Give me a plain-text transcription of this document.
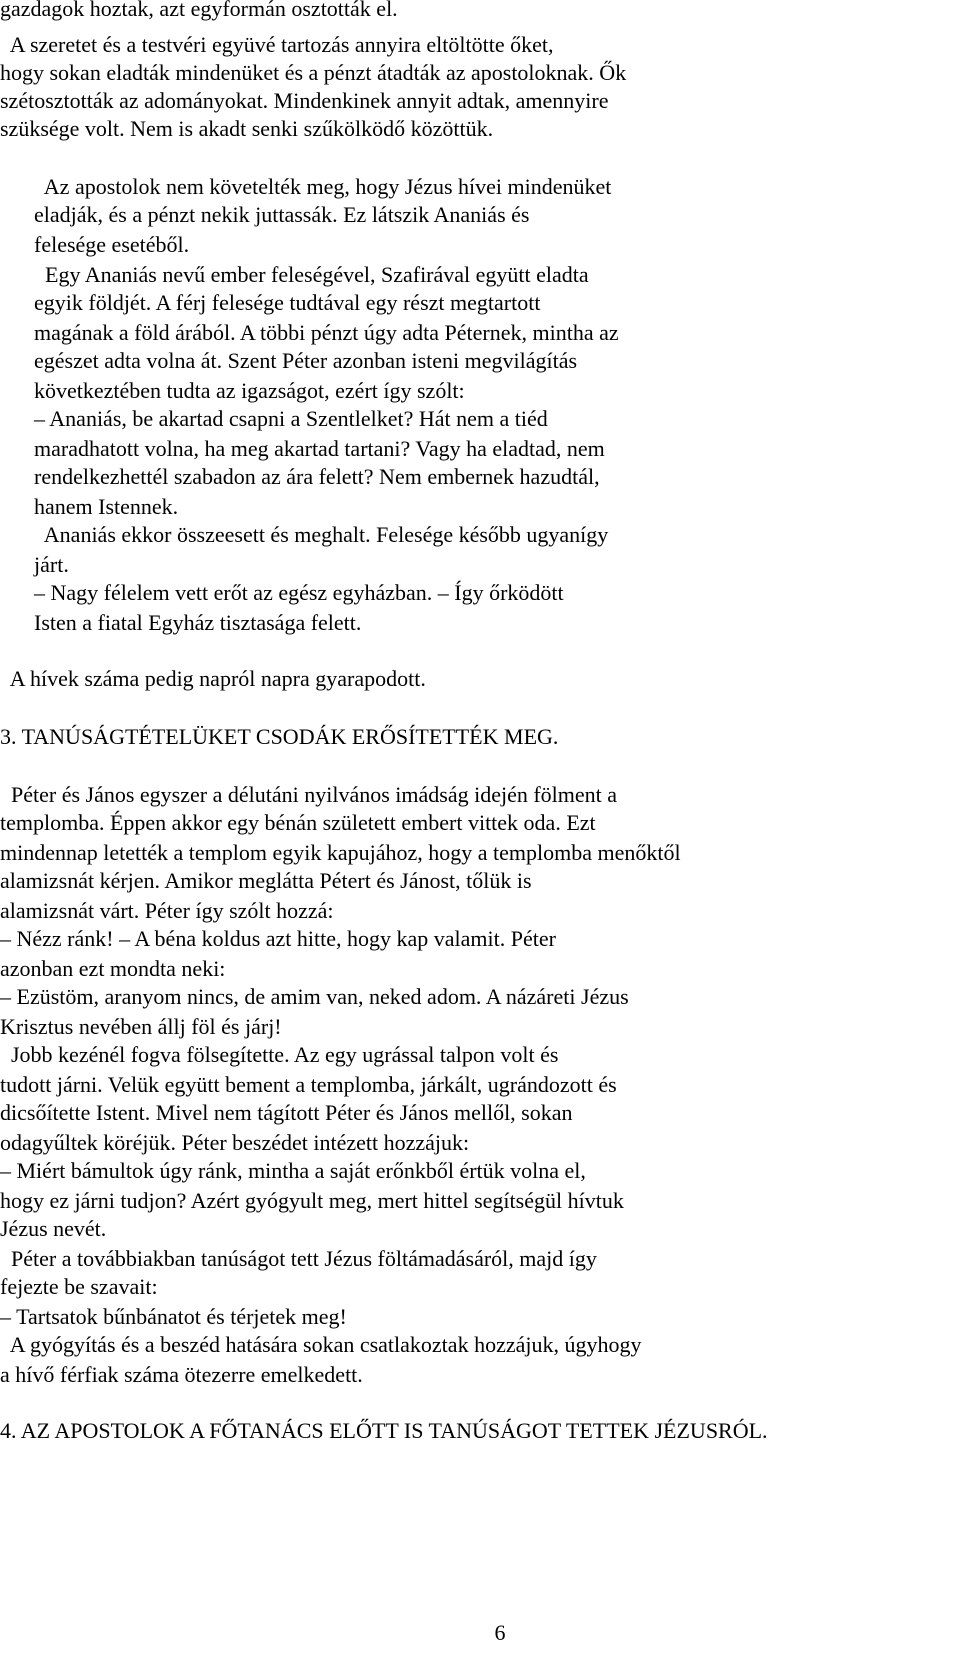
gazdagok hoztak, azt egyformán osztották el.
A szeretet és a testvéri együvé tartozás annyira eltöltötte őket,
hogy sokan eladták mindenüket és a pénzt átadták az apostoloknak. Ők
szétosztották az adományokat. Mindenkinek annyit adtak, amennyire
szüksége volt. Nem is akadt senki szűkölködő közöttük.
Az apostolok nem követelték meg, hogy Jézus hívei mindenüket
eladják, és a pénzt nekik juttassák. Ez látszik Ananiás és
felesége esetéből.
Egy Ananiás nevű ember feleségével, Szafirával együtt eladta
egyik földjét. A férj felesége tudtával egy részt megtartott
magának a föld árából. A többi pénzt úgy adta Péternek, mintha az
egészet adta volna át. Szent Péter azonban isteni megvilágítás
következtében tudta az igazságot, ezért így szólt:
– Ananiás, be akartad csapni a Szentlelket? Hát nem a tiéd
maradhatott volna, ha meg akartad tartani? Vagy ha eladtad, nem
rendelkezhettél szabadon az ára felett? Nem embernek hazudtál,
hanem Istennek.
Ananiás ekkor összeesett és meghalt. Felesége később ugyanígy
járt.
– Nagy félelem vett erőt az egész egyházban. – Így őrködött
Isten a fiatal Egyház tisztasága felett.
A hívek száma pedig napról napra gyarapodott.
3. TANÚSÁGTÉTELÜKET CSODÁK ERŐSÍTETTÉK MEG.
Péter és János egyszer a délutáni nyilvános imádság idején fölment a
templomba. Éppen akkor egy bénán született embert vittek oda. Ezt
mindennap letették a templom egyik kapujához, hogy a templomba menőktől
alamizsnát kérjen. Amikor meglátta Pétert és Jánost, tőlük is
alamizsnát várt. Péter így szólt hozzá:
– Nézz ránk! – A béna koldus azt hitte, hogy kap valamit. Péter
azonban ezt mondta neki:
– Ezüstöm, aranyom nincs, de amim van, neked adom. A názáreti Jézus
Krisztus nevében állj föl és járj!
Jobb kezénél fogva fölsegítette. Az egy ugrással talpon volt és
tudott járni. Velük együtt bement a templomba, járkált, ugrándozott és
dicsőítette Istent. Mivel nem tágított Péter és János mellől, sokan
odagyűltek köréjük. Péter beszédet intézett hozzájuk:
– Miért bámultok úgy ránk, mintha a saját erőnkből értük volna el,
hogy ez járni tudjon? Azért gyógyult meg, mert hittel segítségül hívtuk
Jézus nevét.
Péter a továbbiakban tanúságot tett Jézus föltámadásáról, majd így
fejezte be szavait:
– Tartsatok bűnbánatot és térjetek meg!
A gyógyítás és a beszéd hatására sokan csatlakoztak hozzájuk, úgyhogy
a hívő férfiak száma ötezerre emelkedett.
4. AZ APOSTOLOK A FŐTANÁCS ELŐTT IS TANÚSÁGOT TETTEK JÉZUSRÓL.
6
